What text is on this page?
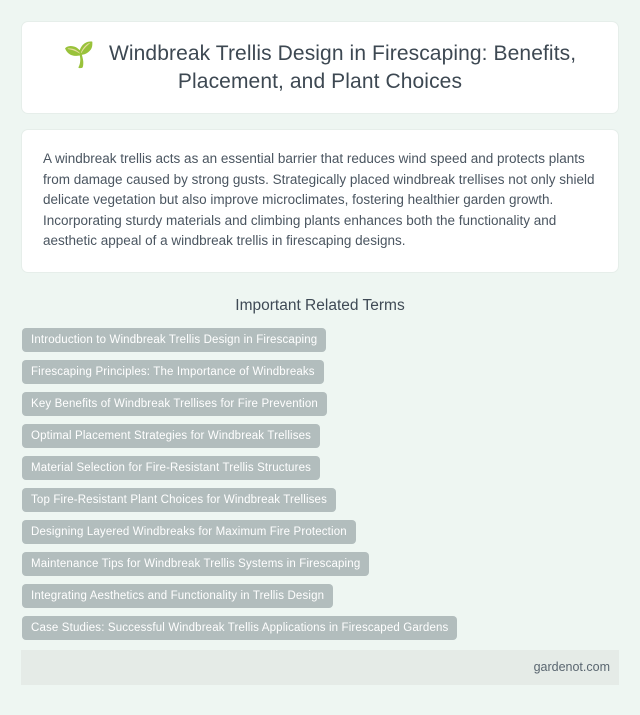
🌱 Windbreak Trellis Design in Firescaping: Benefits, Placement, and Plant Choices

A windbreak trellis acts as an essential barrier that reduces wind speed and protects plants from damage caused by strong gusts. Strategically placed windbreak trellises not only shield delicate vegetation but also improve microclimates, fostering healthier garden growth. Incorporating sturdy materials and climbing plants enhances both the functionality and aesthetic appeal of a windbreak trellis in firescaping designs.

Important Related Terms
Introduction to Windbreak Trellis Design in Firescaping
Firescaping Principles: The Importance of Windbreaks
Key Benefits of Windbreak Trellises for Fire Prevention
Optimal Placement Strategies for Windbreak Trellises
Material Selection for Fire-Resistant Trellis Structures
Top Fire-Resistant Plant Choices for Windbreak Trellises
Designing Layered Windbreaks for Maximum Fire Protection
Maintenance Tips for Windbreak Trellis Systems in Firescaping
Integrating Aesthetics and Functionality in Trellis Design
Case Studies: Successful Windbreak Trellis Applications in Firescaped Gardens
gardenot.com
